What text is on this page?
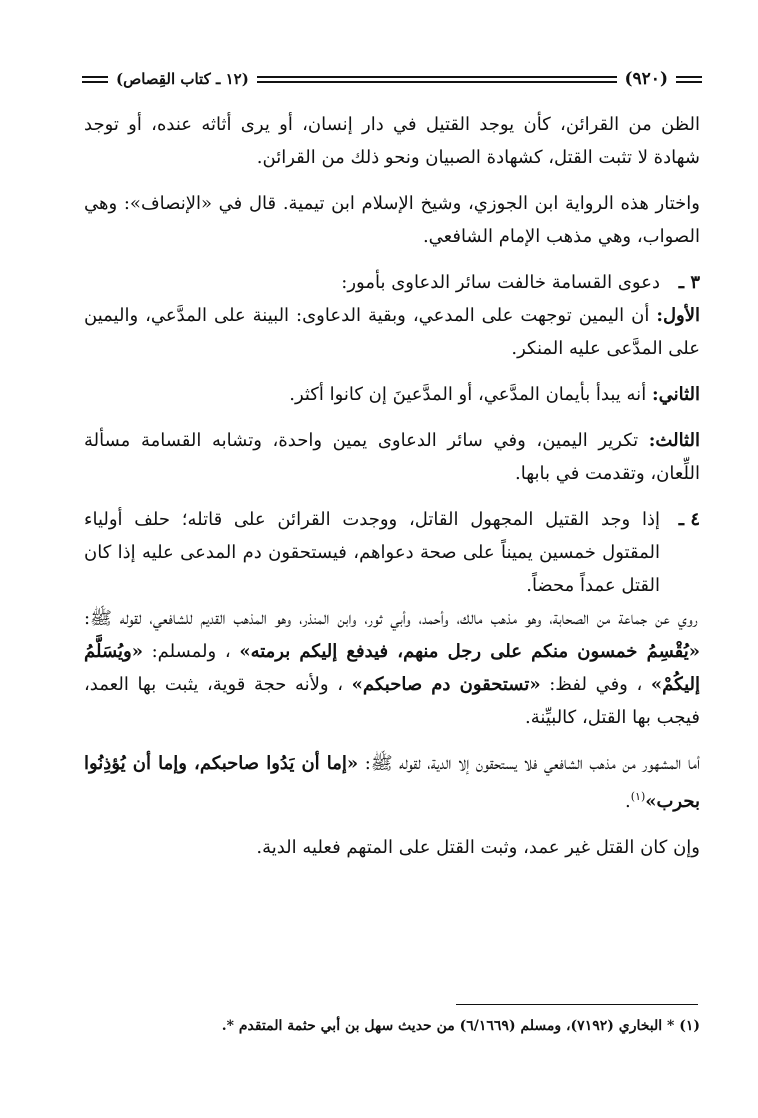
(٩٢٠)
(١٢ ـ كتاب القِصاص)

الظن من القرائن، كأن يوجد القتيل في دار إنسان، أو يرى أثاثه عنده، أو توجد شهادة لا تثبت القتل، كشهادة الصبيان ونحو ذلك من القرائن.

واختار هذه الرواية ابن الجوزي، وشيخ الإسلام ابن تيمية. قال في «الإنصاف»: وهي الصواب، وهي مذهب الإمام الشافعي.

٣ ـ

دعوى القسامة خالفت سائر الدعاوى بأمور:

الأول: أن اليمين توجهت على المدعي، وبقية الدعاوى: البينة على المدَّعي، واليمين على المدَّعى عليه المنكر.

الثاني: أنه يبدأ بأيمان المدَّعي، أو المدَّعينَ إن كانوا أكثر.

الثالث: تكرير اليمين، وفي سائر الدعاوى يمين واحدة، وتشابه القسامة مسألة اللِّعان، وتقدمت في بابها.

٤ ـ

إذا وجد القتيل المجهول القاتل، ووجدت القرائن على قاتله؛ حلف أولياء المقتول خمسين يميناً على صحة دعواهم، فيستحقون دم المدعى عليه إذا كان القتل عمداً محضاً.

روي عن جماعة من الصحابة، وهو مذهب مالك، وأحمد، وأبي ثور، وابن المنذر، وهو المذهب القديم للشافعي، لقوله ﷺ: «يُقْسِمُ خمسون منكم على رجل منهم، فيدفع إليكم برمته» ، ولمسلم: «ويُسَلَّمُ إليكُمْ» ، وفي لفظ: «تستحقون دم صاحبكم» ، ولأنه حجة قوية، يثبت بها العمد، فيجب بها القتل، كالبيِّنة.

أما المشهور من مذهب الشافعي فلا يستحقون إلا الدية، لقوله ﷺ: «إما أن يَدُوا صاحبكم، وإما أن يُؤذِنُوا بحرب»$^{(١)}$.

وإن كان القتل غير عمد، وثبت القتل على المتهم فعليه الدية.

(١) * البخاري (٧١٩٢)، ومسلم (٦/١٦٦٩) من حديث سهل بن أبي حثمة المتقدم *.
